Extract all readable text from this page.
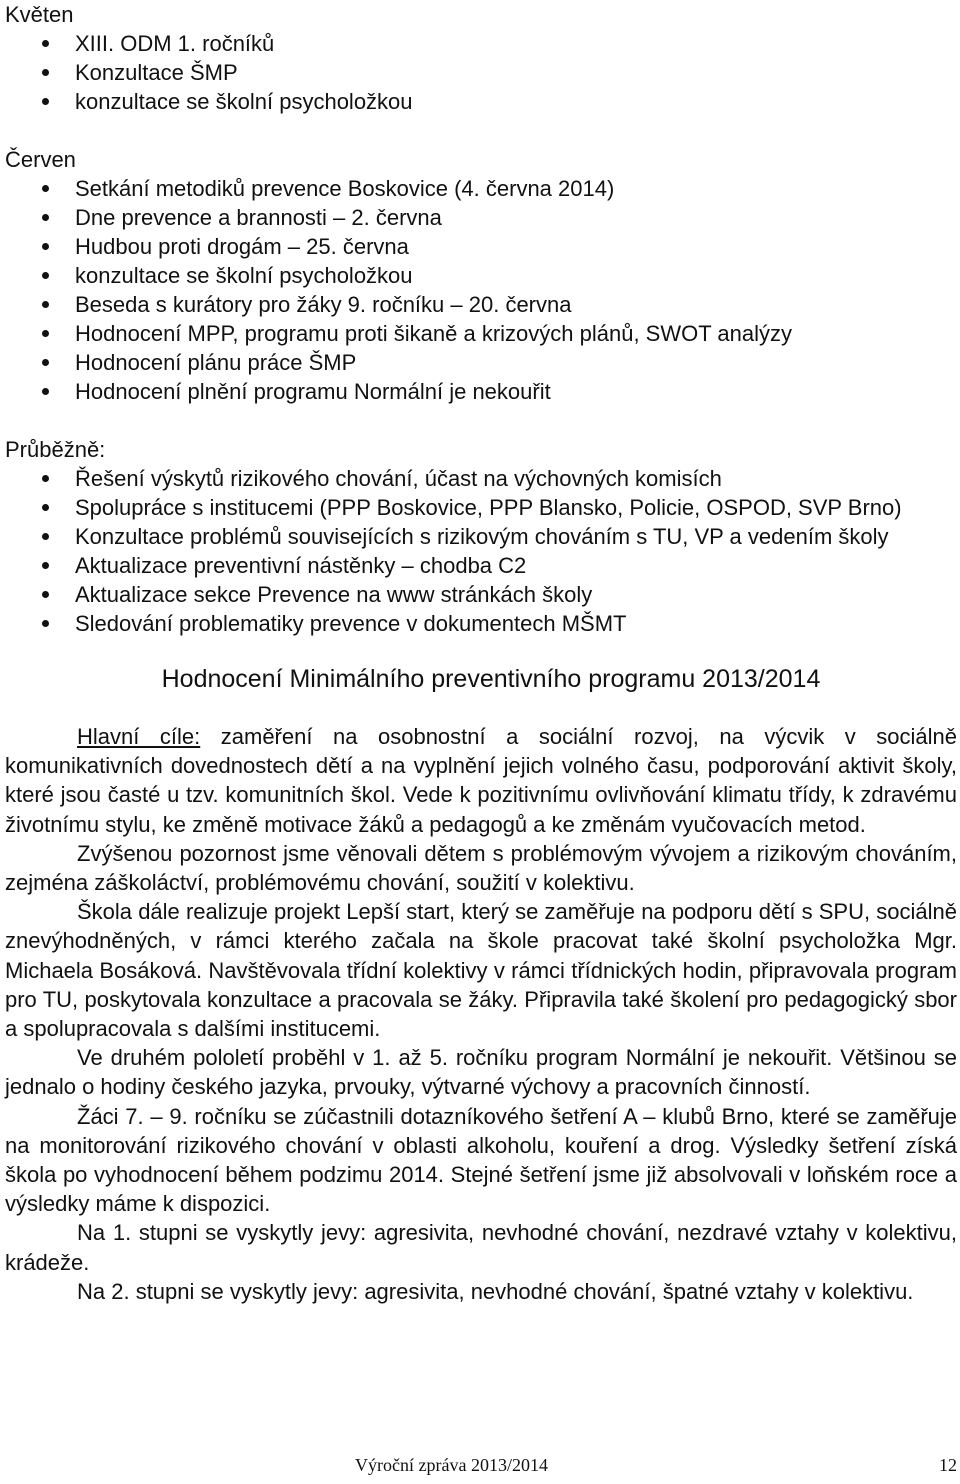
Květen

XIII. ODM 1. ročníků
Konzultace ŠMP
konzultace se školní psycholožkou

Červen

Setkání metodiků prevence Boskovice (4. června 2014)
Dne prevence a brannosti – 2. června
Hudbou proti drogám – 25. června
konzultace se školní psycholožkou
Beseda s kurátory pro žáky 9. ročníku – 20. června
Hodnocení MPP, programu proti šikaně a krizových plánů, SWOT analýzy
Hodnocení plánu práce ŠMP
Hodnocení plnění programu Normální je nekouřit

Průběžně:

Řešení výskytů rizikového chování, účast na výchovných komisích
Spolupráce s institucemi (PPP Boskovice, PPP Blansko, Policie, OSPOD, SVP Brno)
Konzultace problémů souvisejících s rizikovým chováním s TU, VP a vedením školy
Aktualizace preventivní nástěnky – chodba C2
Aktualizace sekce Prevence na www stránkách školy
Sledování problematiky prevence v dokumentech MŠMT
Hodnocení Minimálního preventivního programu 2013/2014

Hlavní cíle: zaměření na osobnostní a sociální rozvoj, na výcvik v sociálně komunikativních dovednostech dětí a na vyplnění jejich volného času, podporování aktivit školy, které jsou časté u tzv. komunitních škol. Vede k pozitivnímu ovlivňování klimatu třídy, k zdravému životnímu stylu, ke změně motivace žáků a pedagogů a ke změnám vyučovacích metod.

Zvýšenou pozornost jsme věnovali dětem s problémovým vývojem a rizikovým chováním, zejména záškoláctví, problémovému chování, soužití v kolektivu.

Škola dále realizuje projekt Lepší start, který se zaměřuje na podporu dětí s SPU, sociálně znevýhodněných, v rámci kterého začala na škole pracovat také školní psycholožka Mgr. Michaela Bosáková. Navštěvovala třídní kolektivy v rámci třídnických hodin, připravovala program pro TU, poskytovala konzultace a pracovala se žáky. Připravila také školení pro pedagogický sbor a spolupracovala s dalšími institucemi.

Ve druhém pololetí proběhl v 1. až 5. ročníku program Normální je nekouřit. Většinou se jednalo o hodiny českého jazyka, prvouky, výtvarné výchovy a pracovních činností.

Žáci 7. – 9. ročníku se zúčastnili dotazníkového šetření A – klubů Brno, které se zaměřuje na monitorování rizikového chování v oblasti alkoholu, kouření a drog. Výsledky šetření získá škola po vyhodnocení během podzimu 2014. Stejné šetření jsme již absolvovali v loňském roce a výsledky máme k dispozici.

Na 1. stupni se vyskytly jevy: agresivita, nevhodné chování, nezdravé vztahy v kolektivu, krádeže.

Na 2. stupni se vyskytly jevy: agresivita, nevhodné chování, špatné vztahy v kolektivu.

Výroční zpráva 2013/2014	12
